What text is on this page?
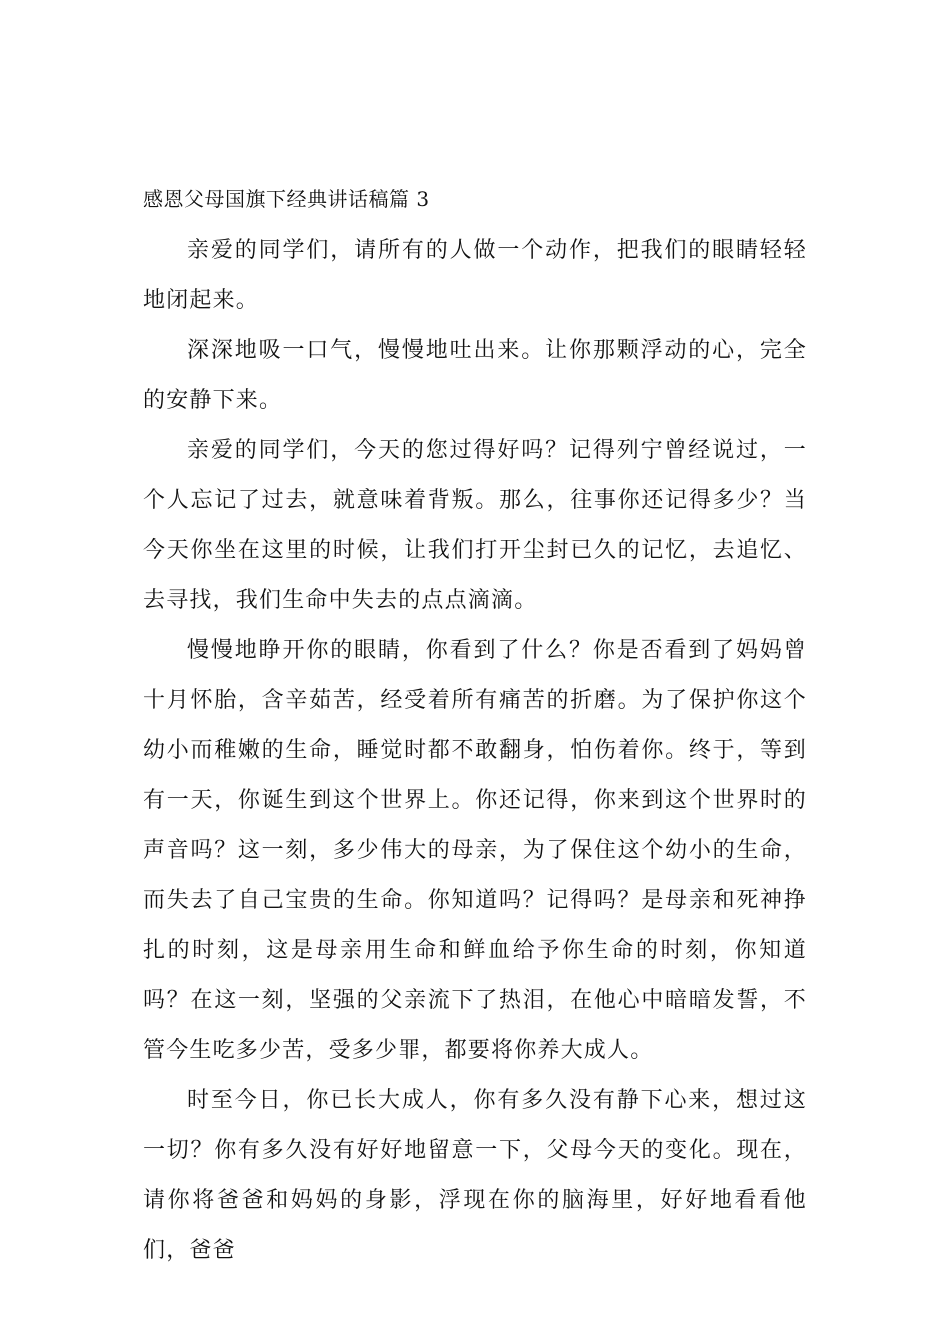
感恩父母国旗下经典讲话稿篇 3

亲爱的同学们，请所有的人做一个动作，把我们的眼睛轻轻地闭起来。

深深地吸一口气，慢慢地吐出来。让你那颗浮动的心，完全的安静下来。

亲爱的同学们，今天的您过得好吗？记得列宁曾经说过，一个人忘记了过去，就意味着背叛。那么，往事你还记得多少？当今天你坐在这里的时候，让我们打开尘封已久的记忆，去追忆、去寻找，我们生命中失去的点点滴滴。

慢慢地睁开你的眼睛，你看到了什么？你是否看到了妈妈曾十月怀胎，含辛茹苦，经受着所有痛苦的折磨。为了保护你这个幼小而稚嫩的生命，睡觉时都不敢翻身，怕伤着你。终于，等到有一天，你诞生到这个世界上。你还记得，你来到这个世界时的声音吗？这一刻，多少伟大的母亲，为了保住这个幼小的生命，而失去了自己宝贵的生命。你知道吗？记得吗？是母亲和死神挣扎的时刻，这是母亲用生命和鲜血给予你生命的时刻，你知道吗？在这一刻，坚强的父亲流下了热泪，在他心中暗暗发誓，不管今生吃多少苦，受多少罪，都要将你养大成人。

时至今日，你已长大成人，你有多久没有静下心来，想过这一切？你有多久没有好好地留意一下，父母今天的变化。现在，请你将爸爸和妈妈的身影，浮现在你的脑海里，好好地看看他们，爸爸
